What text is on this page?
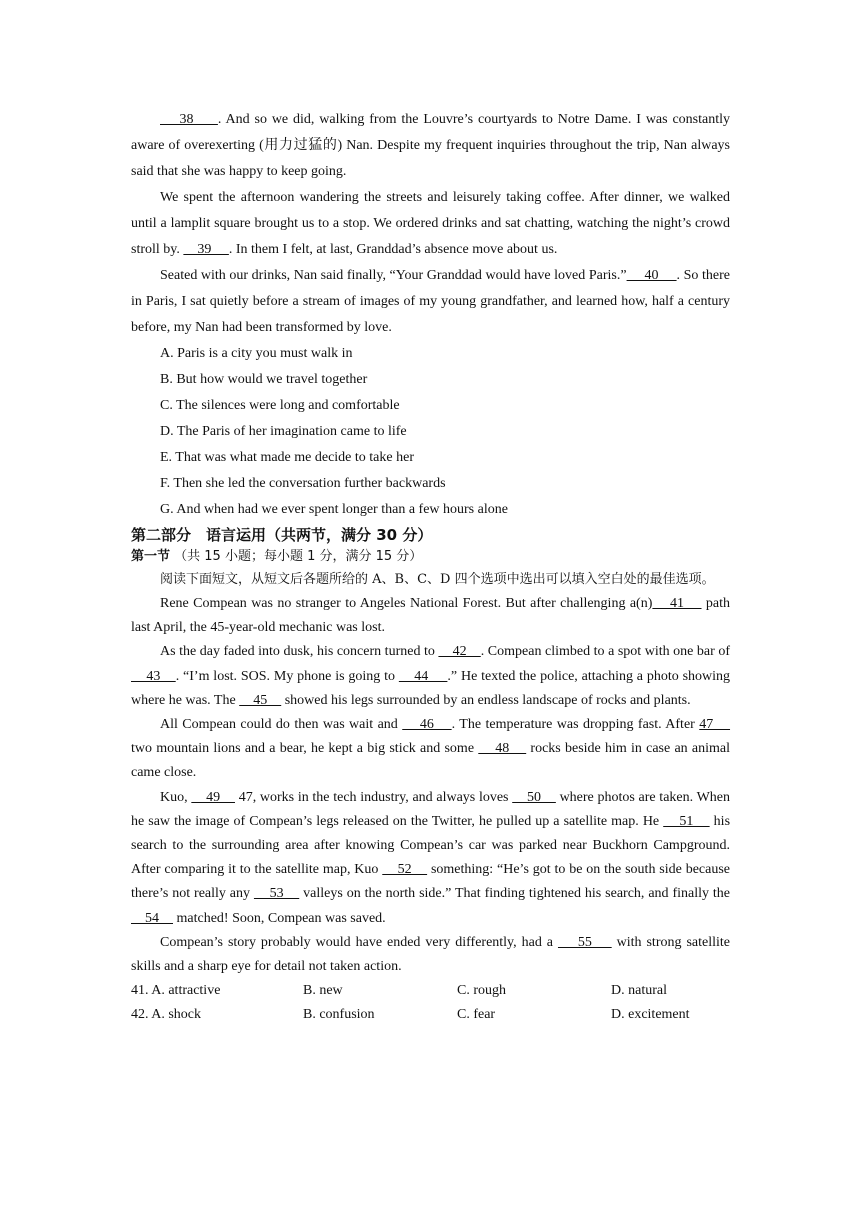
38     . And so we did, walking from the Louvre’s courtyards to Notre Dame. I was constantly aware of overexerting (用力过猛的) Nan. Despite my frequent inquiries throughout the trip, Nan always said that she was happy to keep going.

We spent the afternoon wandering the streets and leisurely taking coffee. After dinner, we walked until a lamplit square brought us to a stop. We ordered drinks and sat chatting, watching the night’s crowd stroll by.     39     . In them I felt, at last, Granddad’s absence move about us.

Seated with our drinks, Nan said finally, “Your Granddad would have loved Paris.”     40     . So there in Paris, I sat quietly before a stream of images of my young grandfather, and learned how, half a century before, my Nan had been transformed by love.

A. Paris is a city you must walk in

B. But how would we travel together

C. The silences were long and comfortable

D. The Paris of her imagination came to life

E. That was what made me decide to take her

F. Then she led the conversation further backwards

G. And when had we ever spent longer than a few hours alone

第二部分　语言运用（共两节，满分 30 分）

第一节 （共 15 小题；每小题 1 分，满分 15 分）

阅读下面短文，从短文后各题所给的 A、B、C、D 四个选项中选出可以填入空白处的最佳选项。

Rene Compean was no stranger to Angeles National Forest. But after challenging a(n)    41     path last April, the 45-year-old mechanic was lost.

As the day faded into dusk, his concern turned to     42    . Compean climbed to a spot with one bar of     43    . “I’m lost. SOS. My phone is going to     44     .” He texted the police, attaching a photo showing where he was. The     45     showed his legs surrounded by an endless landscape of rocks and plants.

All Compean could do then was wait and     46    . The temperature was dropping fast. After 47     two mountain lions and a bear, he kept a big stick and some     48     rocks beside him in case an animal came close.

Kuo,     49     47, works in the tech industry, and always loves     50     where photos are taken. When he saw the image of Compean’s legs released on the Twitter, he pulled up a satellite map. He     51     his search to the surrounding area after knowing Compean’s car was parked near Buckhorn Campground. After comparing it to the satellite map, Kuo     52     something: “He’s got to be on the south side because there’s not really any     53     valleys on the north side.” That finding tightened his search, and finally the     54     matched! Soon, Compean was saved.

Compean’s story probably would have ended very differently, had a     55     with strong satellite skills and a sharp eye for detail not taken action.

41. A. attractive	B. new	C. rough	D. natural
42. A. shock	B. confusion	C. fear	D. excitement
